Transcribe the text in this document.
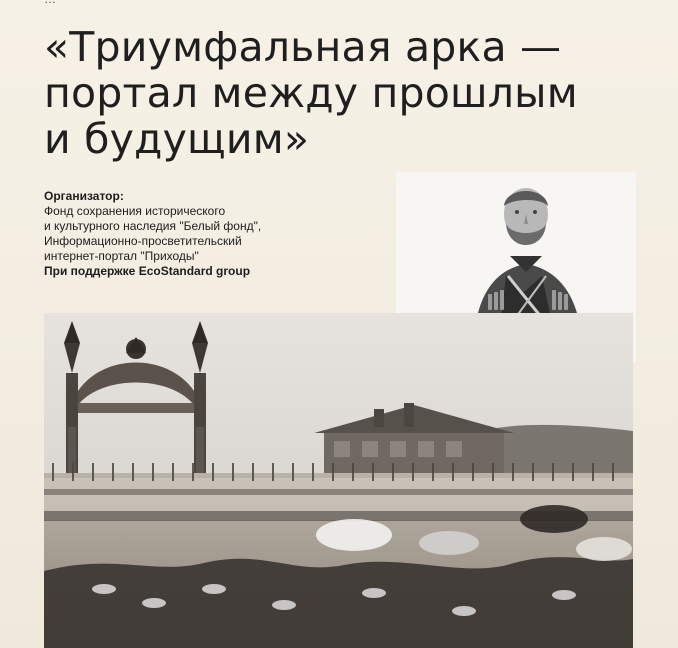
«Триумфальная арка —
портал между прошлым
и будущим»
Организатор:
Фонд сохранения исторического
и культурного наследия "Белый фонд",
Информационно-просветительский
интернет-портал "Приходы"
При поддержке EcoStandard group
